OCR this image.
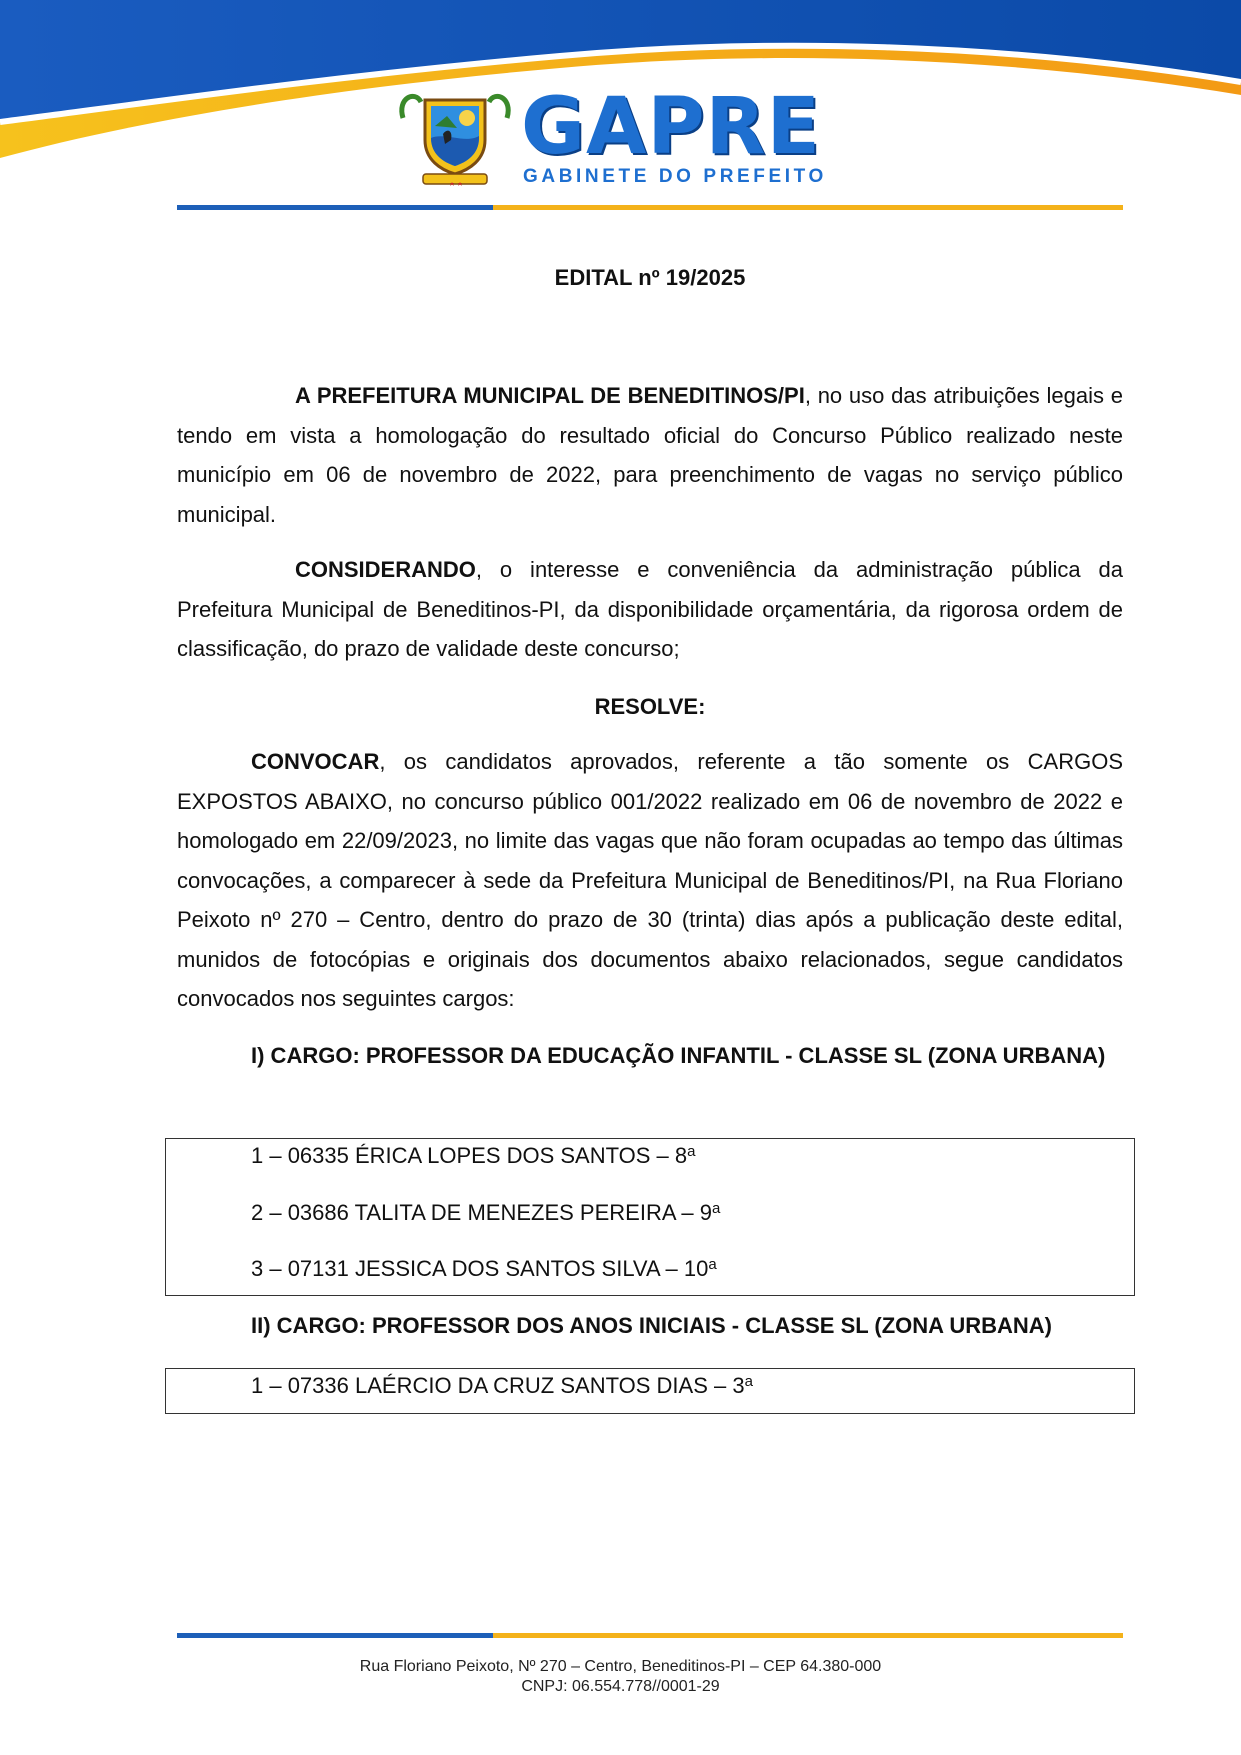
GAPRE
GABINETE DO PREFEITO
EDITAL nº 19/2025
A PREFEITURA MUNICIPAL DE BENEDITINOS/PI, no uso das atribuições legais e tendo em vista a homologação do resultado oficial do Concurso Público realizado neste município em 06 de novembro de 2022, para preenchimento de vagas no serviço público municipal.
CONSIDERANDO, o interesse e conveniência da administração pública da Prefeitura Municipal de Beneditinos-PI, da disponibilidade orçamentária, da rigorosa ordem de classificação, do prazo de validade deste concurso;
RESOLVE:
CONVOCAR, os candidatos aprovados, referente a tão somente os CARGOS EXPOSTOS ABAIXO, no concurso público 001/2022 realizado em 06 de novembro de 2022 e homologado em 22/09/2023, no limite das vagas que não foram ocupadas ao tempo das últimas convocações, a comparecer à sede da Prefeitura Municipal de Beneditinos/PI, na Rua Floriano Peixoto nº 270 – Centro, dentro do prazo de 30 (trinta) dias após a publicação deste edital, munidos de fotocópias e originais dos documentos abaixo relacionados, segue candidatos convocados nos seguintes cargos:
I) CARGO: PROFESSOR DA EDUCAÇÃO INFANTIL - CLASSE SL (ZONA URBANA)
1 – 06335 ÉRICA LOPES DOS SANTOS – 8$^a$
2 – 03686 TALITA DE MENEZES PEREIRA – 9$^a$
3 – 07131 JESSICA DOS SANTOS SILVA – 10$^a$
II) CARGO: PROFESSOR DOS ANOS INICIAIS - CLASSE SL (ZONA URBANA)
1 – 07336 LAÉRCIO DA CRUZ SANTOS DIAS – 3$^a$
Rua Floriano Peixoto, Nº 270 – Centro, Beneditinos-PI – CEP 64.380-000
CNPJ: 06.554.778//0001-29
